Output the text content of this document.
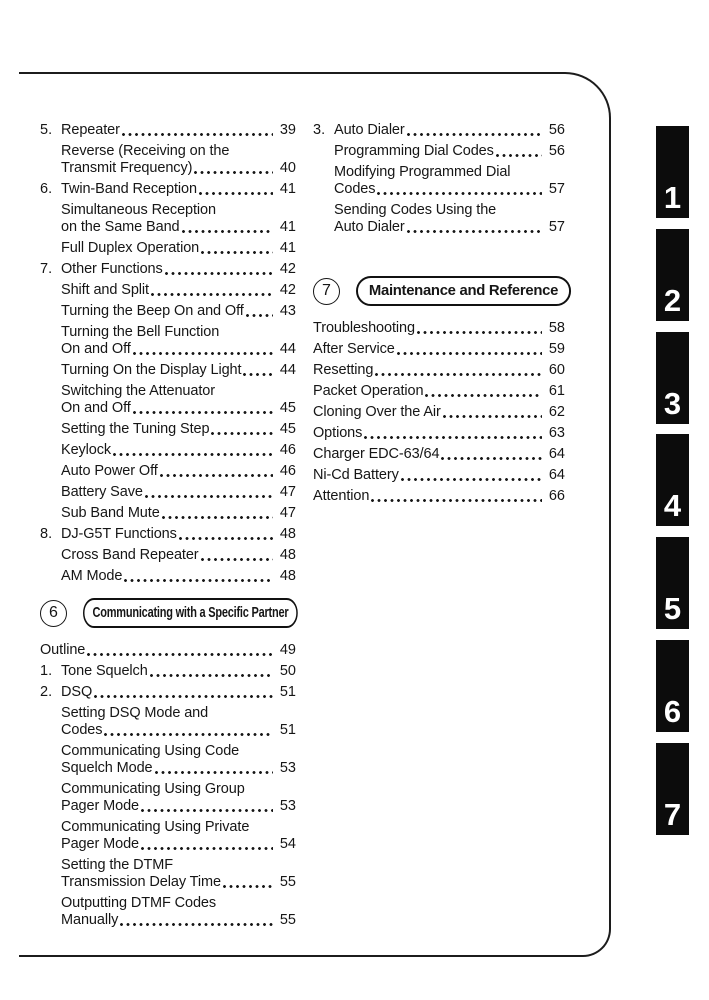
5. Repeater	39
Reverse (Receiving on the
Transmit Frequency)	40
6. Twin-Band Reception	41
Simultaneous Reception
on the Same Band	41
Full Duplex Operation	41
7. Other Functions	42
Shift and Split	42
Turning the Beep On and Off 43
Turning the Bell Function
On and Off	44
Turning On the Display Light	44
Switching the Attenuator
On and Off	45
Setting the Tuning Step	45
Keylock	46
Auto Power Off	46
Battery Save	47
Sub Band Mute	47
8. DJ-G5T Functions	48
Cross Band Repeater	48
AM Mode	48
6	Communicating with a Specific Partner
Outline	49
1. Tone Squelch	50
2. DSQ	51
Setting DSQ Mode and
Codes	51
Communicating Using Code
Squelch Mode	53
Communicating Using Group
Pager Mode	53
Communicating Using Private
Pager Mode	54
Setting the DTMF
Transmission Delay Time	55
Outputting DTMF Codes
Manually	55
3. Auto Dialer	56
Programming Dial Codes	56
Modifying Programmed Dial
Codes	57
Sending Codes Using the
Auto Dialer	57
7	Maintenance and Reference
Troubleshooting	58
After Service	59
Resetting	60
Packet Operation	61
Cloning Over the Air	62
Options	63
Charger EDC-63/64	64
Ni-Cd Battery	64
Attention	66
1
2
3
4
5
6
7
